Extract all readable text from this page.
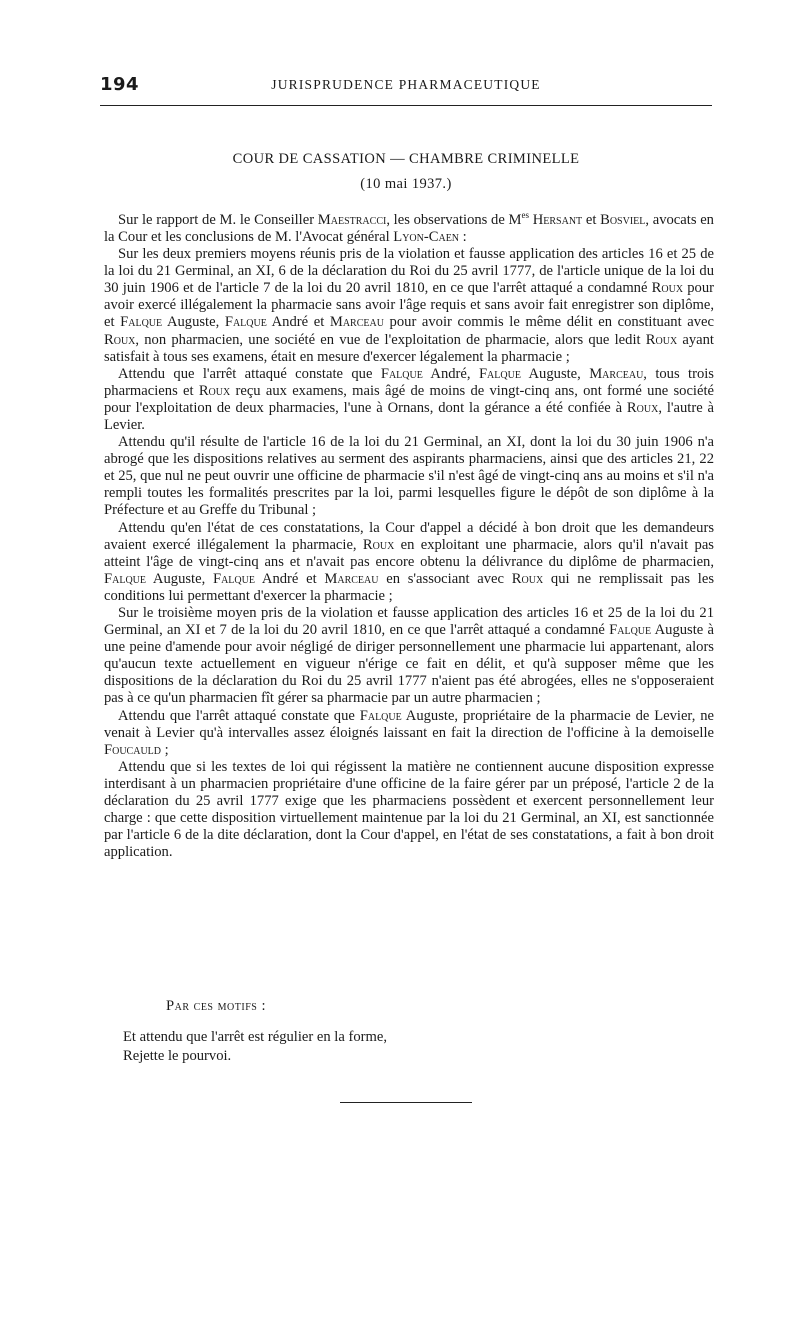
194	JURISPRUDENCE PHARMACEUTIQUE
COUR DE CASSATION — CHAMBRE CRIMINELLE
(10 mai 1937.)

Sur le rapport de M. le Conseiller Maestracci, les observations de $M^{es}$ Hersant et Bosviel, avocats en la Cour et les conclusions de M. l'Avocat général Lyon-Caen :

Sur les deux premiers moyens réunis pris de la violation et fausse application des articles 16 et 25 de la loi du 21 Germinal, an XI, 6 de la déclaration du Roi du 25 avril 1777, de l'article unique de la loi du 30 juin 1906 et de l'article 7 de la loi du 20 avril 1810, en ce que l'arrêt attaqué a condamné Roux pour avoir exercé illégalement la pharmacie sans avoir l'âge requis et sans avoir fait enregistrer son diplôme, et Falque Auguste, Falque André et Marceau pour avoir commis le même délit en constituant avec Roux, non pharmacien, une société en vue de l'exploitation de pharmacie, alors que ledit Roux ayant satisfait à tous ses examens, était en mesure d'exercer légalement la pharmacie ;

Attendu que l'arrêt attaqué constate que Falque André, Falque Auguste, Marceau, tous trois pharmaciens et Roux reçu aux examens, mais âgé de moins de vingt-cinq ans, ont formé une société pour l'exploitation de deux pharmacies, l'une à Ornans, dont la gérance a été confiée à Roux, l'autre à Levier.

Attendu qu'il résulte de l'article 16 de la loi du 21 Germinal, an XI, dont la loi du 30 juin 1906 n'a abrogé que les dispositions relatives au serment des aspirants pharmaciens, ainsi que des articles 21, 22 et 25, que nul ne peut ouvrir une officine de pharmacie s'il n'est âgé de vingt-cinq ans au moins et s'il n'a rempli toutes les formalités prescrites par la loi, parmi lesquelles figure le dépôt de son diplôme à la Préfecture et au Greffe du Tribunal ;

Attendu qu'en l'état de ces constatations, la Cour d'appel a décidé à bon droit que les demandeurs avaient exercé illégalement la pharmacie, Roux en exploitant une pharmacie, alors qu'il n'avait pas atteint l'âge de vingt-cinq ans et n'avait pas encore obtenu la délivrance du diplôme de pharmacien, Falque Auguste, Falque André et Marceau en s'associant avec Roux qui ne remplissait pas les conditions lui permettant d'exercer la pharmacie ;

Sur le troisième moyen pris de la violation et fausse application des articles 16 et 25 de la loi du 21 Germinal, an XI et 7 de la loi du 20 avril 1810, en ce que l'arrêt attaqué a condamné Falque Auguste à une peine d'amende pour avoir négligé de diriger personnellement une pharmacie lui appartenant, alors qu'aucun texte actuellement en vigueur n'érige ce fait en délit, et qu'à supposer même que les dispositions de la déclaration du Roi du 25 avril 1777 n'aient pas été abrogées, elles ne s'opposeraient pas à ce qu'un pharmacien fît gérer sa pharmacie par un autre pharmacien ;

Attendu que l'arrêt attaqué constate que Falque Auguste, propriétaire de la pharmacie de Levier, ne venait à Levier qu'à intervalles assez éloignés laissant en fait la direction de l'officine à la demoiselle Foucauld ;

Attendu que si les textes de loi qui régissent la matière ne contiennent aucune disposition expresse interdisant à un pharmacien propriétaire d'une officine de la faire gérer par un préposé, l'article 2 de la déclaration du 25 avril 1777 exige que les pharmaciens possèdent et exercent personnellement leur charge : que cette disposition virtuellement maintenue par la loi du 21 Germinal, an XI, est sanctionnée par l'article 6 de la dite déclaration, dont la Cour d'appel, en l'état de ses constatations, a fait à bon droit application.

Par ces motifs :

Et attendu que l'arrêt est régulier en la forme,

Rejette le pourvoi.
